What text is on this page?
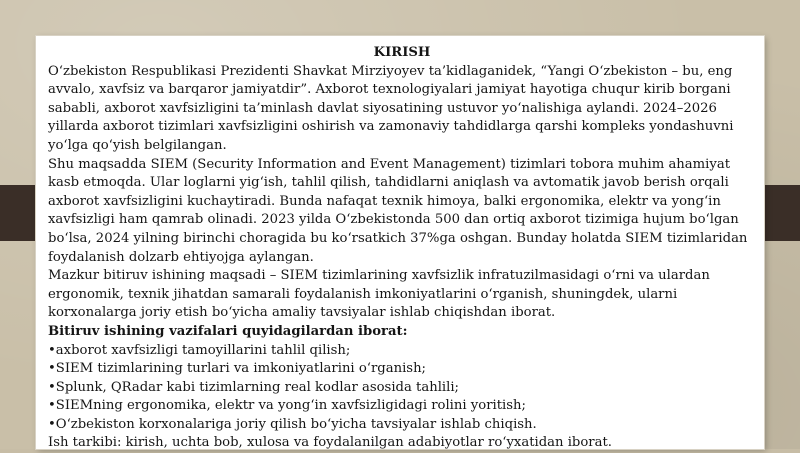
KIRISH

O‘zbekiston Respublikasi Prezidenti Shavkat Mirziyoyev ta’kidlaganidek, “Yangi O‘zbekiston – bu, eng avvalo, xavfsiz va barqaror jamiyatdir”. Axborot texnologiyalari jamiyat hayotiga chuqur kirib borgani sababli, axborot xavfsizligini ta’minlash davlat siyosatining ustuvor yo‘nalishiga aylandi. 2024–2026 yillarda axborot tizimlari xavfsizligini oshirish va zamonaviy tahdidlarga qarshi kompleks yondashuvni yo‘lga qo‘yish belgilangan.

Shu maqsadda SIEM (Security Information and Event Management) tizimlari tobora muhim ahamiyat kasb etmoqda. Ular loglarni yig‘ish, tahlil qilish, tahdidlarni aniqlash va avtomatik javob berish orqali axborot xavfsizligini kuchaytiradi. Bunda nafaqat texnik himoya, balki ergonomika, elektr va yong‘in xavfsizligi ham qamrab olinadi. 2023 yilda O‘zbekistonda 500 dan ortiq axborot tizimiga hujum bo‘lgan bo‘lsa, 2024 yilning birinchi choragida bu ko‘rsatkich 37%ga oshgan. Bunday holatda SIEM tizimlaridan foydalanish dolzarb ehtiyojga aylangan.

Mazkur bitiruv ishining maqsadi – SIEM tizimlarining xavfsizlik infratuzilmasidagi o‘rni va ulardan ergonomik, texnik jihatdan samarali foydalanish imkoniyatlarini o‘rganish, shuningdek, ularni korxonalarga joriy etish bo‘yicha amaliy tavsiyalar ishlab chiqishdan iborat.

Bitiruv ishining vazifalari quyidagilardan iborat:

•axborot xavfsizligi tamoyillarini tahlil qilish;

•SIEM tizimlarining turlari va imkoniyatlarini o‘rganish;

•Splunk, QRadar kabi tizimlarning real kodlar asosida tahlili;

•SIEMning ergonomika, elektr va yong‘in xavfsizligidagi rolini yoritish;

•O‘zbekiston korxonalariga joriy qilish bo‘yicha tavsiyalar ishlab chiqish.

Ish tarkibi: kirish, uchta bob, xulosa va foydalanilgan adabiyotlar ro‘yxatidan iborat.
